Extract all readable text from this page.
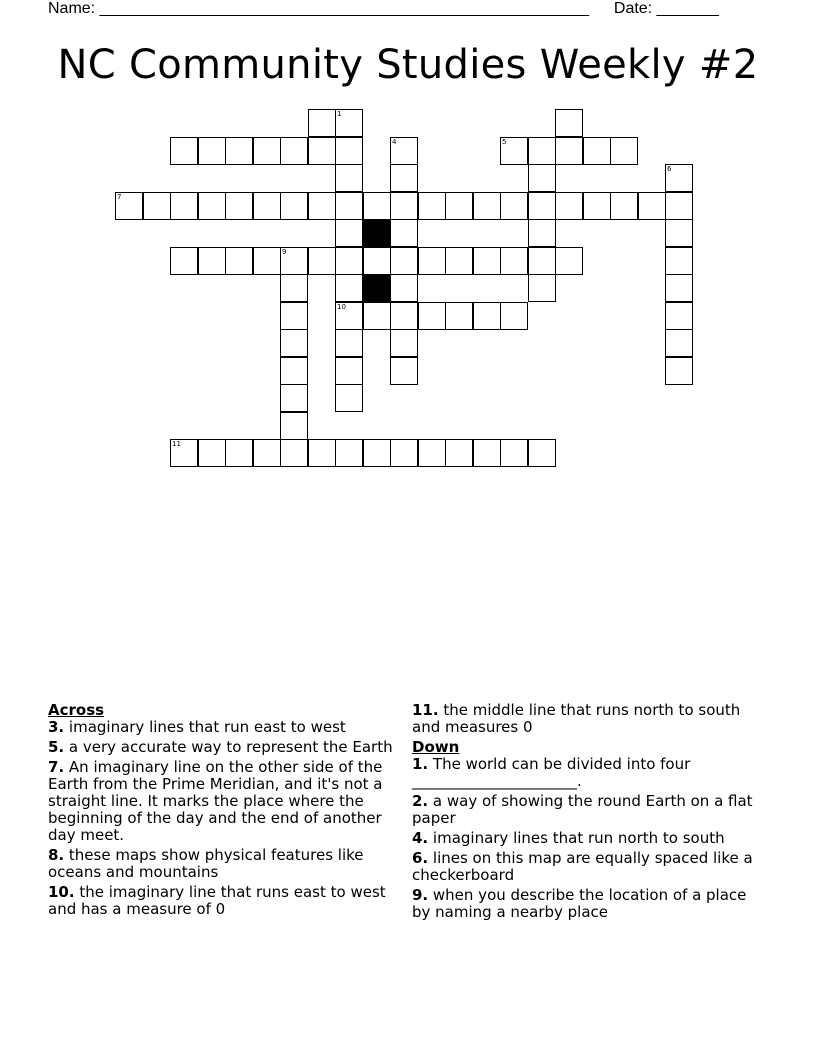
Name: _______________________________________________________ Date: _______
NC Community Studies Weekly #2
1
4	5
6
7
9
10
11
Across
3. imaginary lines that run east to west
5. a very accurate way to represent the Earth
7. An imaginary line on the other side of the Earth from the Prime Meridian, and it's not a straight line. It marks the place where the beginning of the day and the end of another day meet.
8. these maps show physical features like oceans and mountains
10. the imaginary line that runs east to west and has a measure of 0
11. the middle line that runs north to south and measures 0
Down
1. The world can be divided into four ______________________.
2. a way of showing the round Earth on a flat paper
4. imaginary lines that run north to south
6. lines on this map are equally spaced like a checkerboard
9. when you describe the location of a place by naming a nearby place
